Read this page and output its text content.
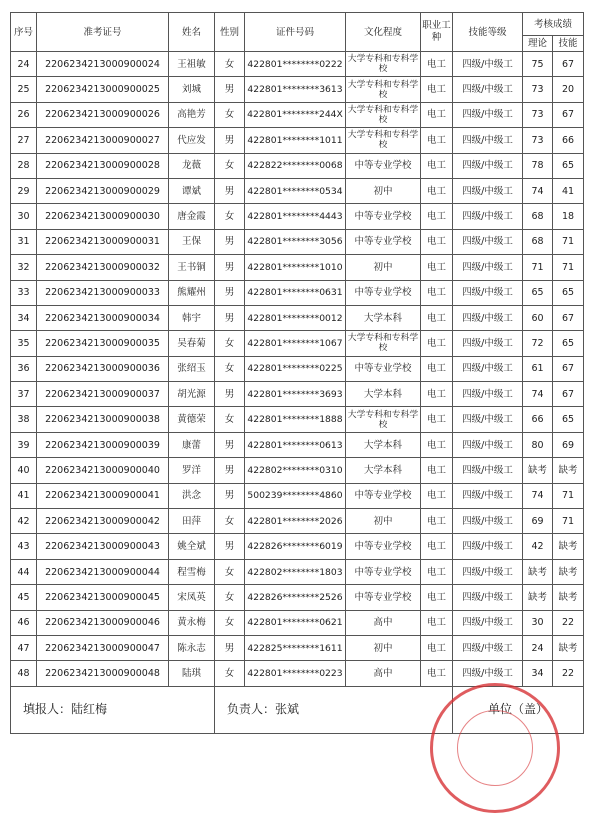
序号	准考证号	姓名	性别	证件号码	文化程度	职业工种	技能等级	考核成绩	
								理论	技能
24	2206234213000900024	王祖敏	女	422801********0222	大学专科和专科学校	电工	四级/中级工	75	67
25	2206234213000900025	刘城	男	422801********3613	大学专科和专科学校	电工	四级/中级工	73	20
26	2206234213000900026	高艳芳	女	422801********244X	大学专科和专科学校	电工	四级/中级工	73	67
27	2206234213000900027	代应发	男	422801********1011	大学专科和专科学校	电工	四级/中级工	73	66
28	2206234213000900028	龙薇	女	422822********0068	中等专业学校	电工	四级/中级工	78	65
29	2206234213000900029	谭斌	男	422801********0534	初中	电工	四级/中级工	74	41
30	2206234213000900030	唐金霞	女	422801********4443	中等专业学校	电工	四级/中级工	68	18
31	2206234213000900031	王保	男	422801********3056	中等专业学校	电工	四级/中级工	68	71
32	2206234213000900032	王书铜	男	422801********1010	初中	电工	四级/中级工	71	71
33	2206234213000900033	熊耀州	男	422801********0631	中等专业学校	电工	四级/中级工	65	65
34	2206234213000900034	韩宇	男	422801********0012	大学本科	电工	四级/中级工	60	67
35	2206234213000900035	吴春菊	女	422801********1067	大学专科和专科学校	电工	四级/中级工	72	65
36	2206234213000900036	张绍玉	女	422801********0225	中等专业学校	电工	四级/中级工	61	67
37	2206234213000900037	胡光源	男	422801********3693	大学本科	电工	四级/中级工	74	67
38	2206234213000900038	黄德荣	女	422801********1888	大学专科和专科学校	电工	四级/中级工	66	65
39	2206234213000900039	康蕾	男	422801********0613	大学本科	电工	四级/中级工	80	69
40	2206234213000900040	罗洋	男	422802********0310	大学本科	电工	四级/中级工	缺考	缺考
41	2206234213000900041	洪念	男	500239********4860	中等专业学校	电工	四级/中级工	74	71
42	2206234213000900042	田萍	女	422801********2026	初中	电工	四级/中级工	69	71
43	2206234213000900043	姚全斌	男	422826********6019	中等专业学校	电工	四级/中级工	42	缺考
44	2206234213000900044	程雪梅	女	422802********1803	中等专业学校	电工	四级/中级工	缺考	缺考
45	2206234213000900045	宋凤英	女	422826********2526	中等专业学校	电工	四级/中级工	缺考	缺考
46	2206234213000900046	黄永梅	女	422801********0621	高中	电工	四级/中级工	30	22
47	2206234213000900047	陈永志	男	422825********1611	初中	电工	四级/中级工	24	缺考
48	2206234213000900048	陆琪	女	422801********0223	高中	电工	四级/中级工	34	22
填报人：陆红梅			负责人：张斌				单位（盖）		
